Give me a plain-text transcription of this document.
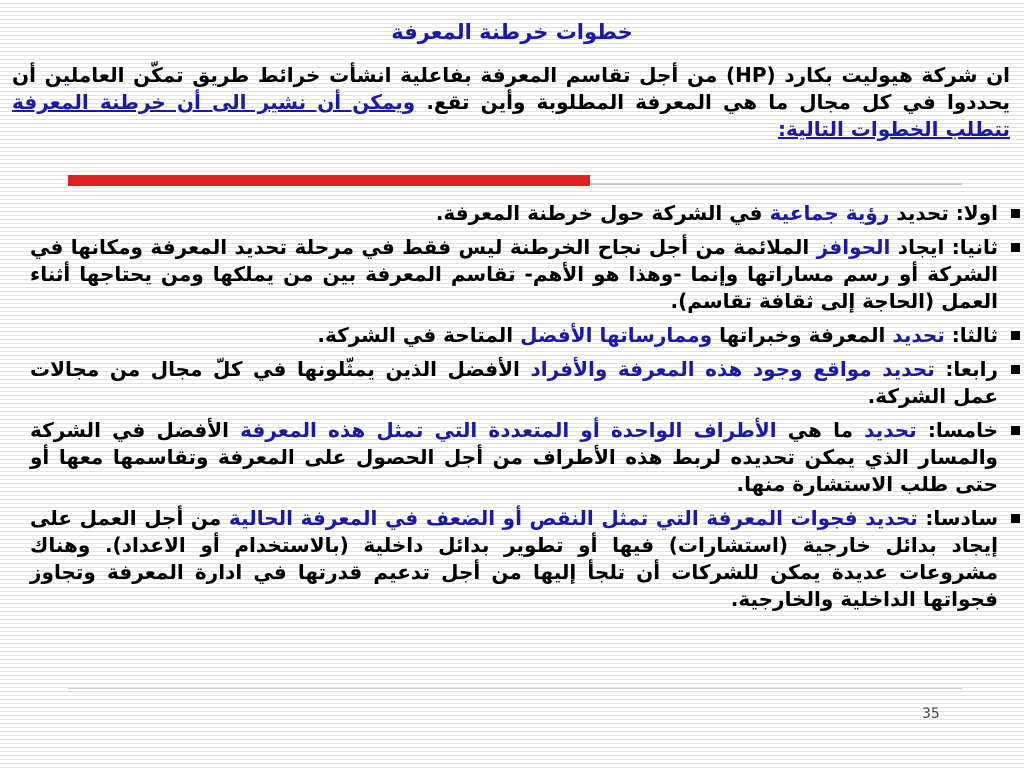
خطوات خرطنة المعرفة

ان شركة هيوليت بكارد (HP) من أجل تقاسم المعرفة بفاعلية انشأت خرائط طريق تمكّن العاملين أن يحددوا في كل مجال ما هي المعرفة المطلوبة وأين تقع. ويمكن أن نشير الى أن خرطنة المعرفة تتطلب الخطوات التالية:

اولا: تحديد رؤية جماعية في الشركة حول خرطنة المعرفة.
ثانيا: ايجاد الحوافز الملائمة من أجل نجاح الخرطنة ليس فقط في مرحلة تحديد المعرفة ومكانها في الشركة أو رسم مساراتها وإنما -وهذا هو الأهم- تقاسم المعرفة بين من يملكها ومن يحتاجها أثناء العمل (الحاجة إلى ثقافة تقاسم).
ثالثا: تحديد المعرفة وخبراتها وممارساتها الأفضل المتاحة في الشركة.
رابعا: تحديد مواقع وجود هذه المعرفة والأفراد الأفضل الذين يمثّلونها في كلّ مجال من مجالات عمل الشركة.
خامسا: تحديد ما هي الأطراف الواحدة أو المتعددة التي تمثل هذه المعرفة الأفضل في الشركة والمسار الذي يمكن تحديده لربط هذه الأطراف من أجل الحصول على المعرفة وتقاسمها معها أو حتى طلب الاستشارة منها.
سادسا: تحديد فجوات المعرفة التي تمثل النقص أو الضعف في المعرفة الحالية من أجل العمل على إيجاد بدائل خارجية (استشارات) فيها أو تطوير بدائل داخلية (بالاستخدام أو الاعداد). وهناك مشروعات عديدة يمكن للشركات أن تلجأ إليها من أجل تدعيم قدرتها في ادارة المعرفة وتجاوز فجواتها الداخلية والخارجية.
35
